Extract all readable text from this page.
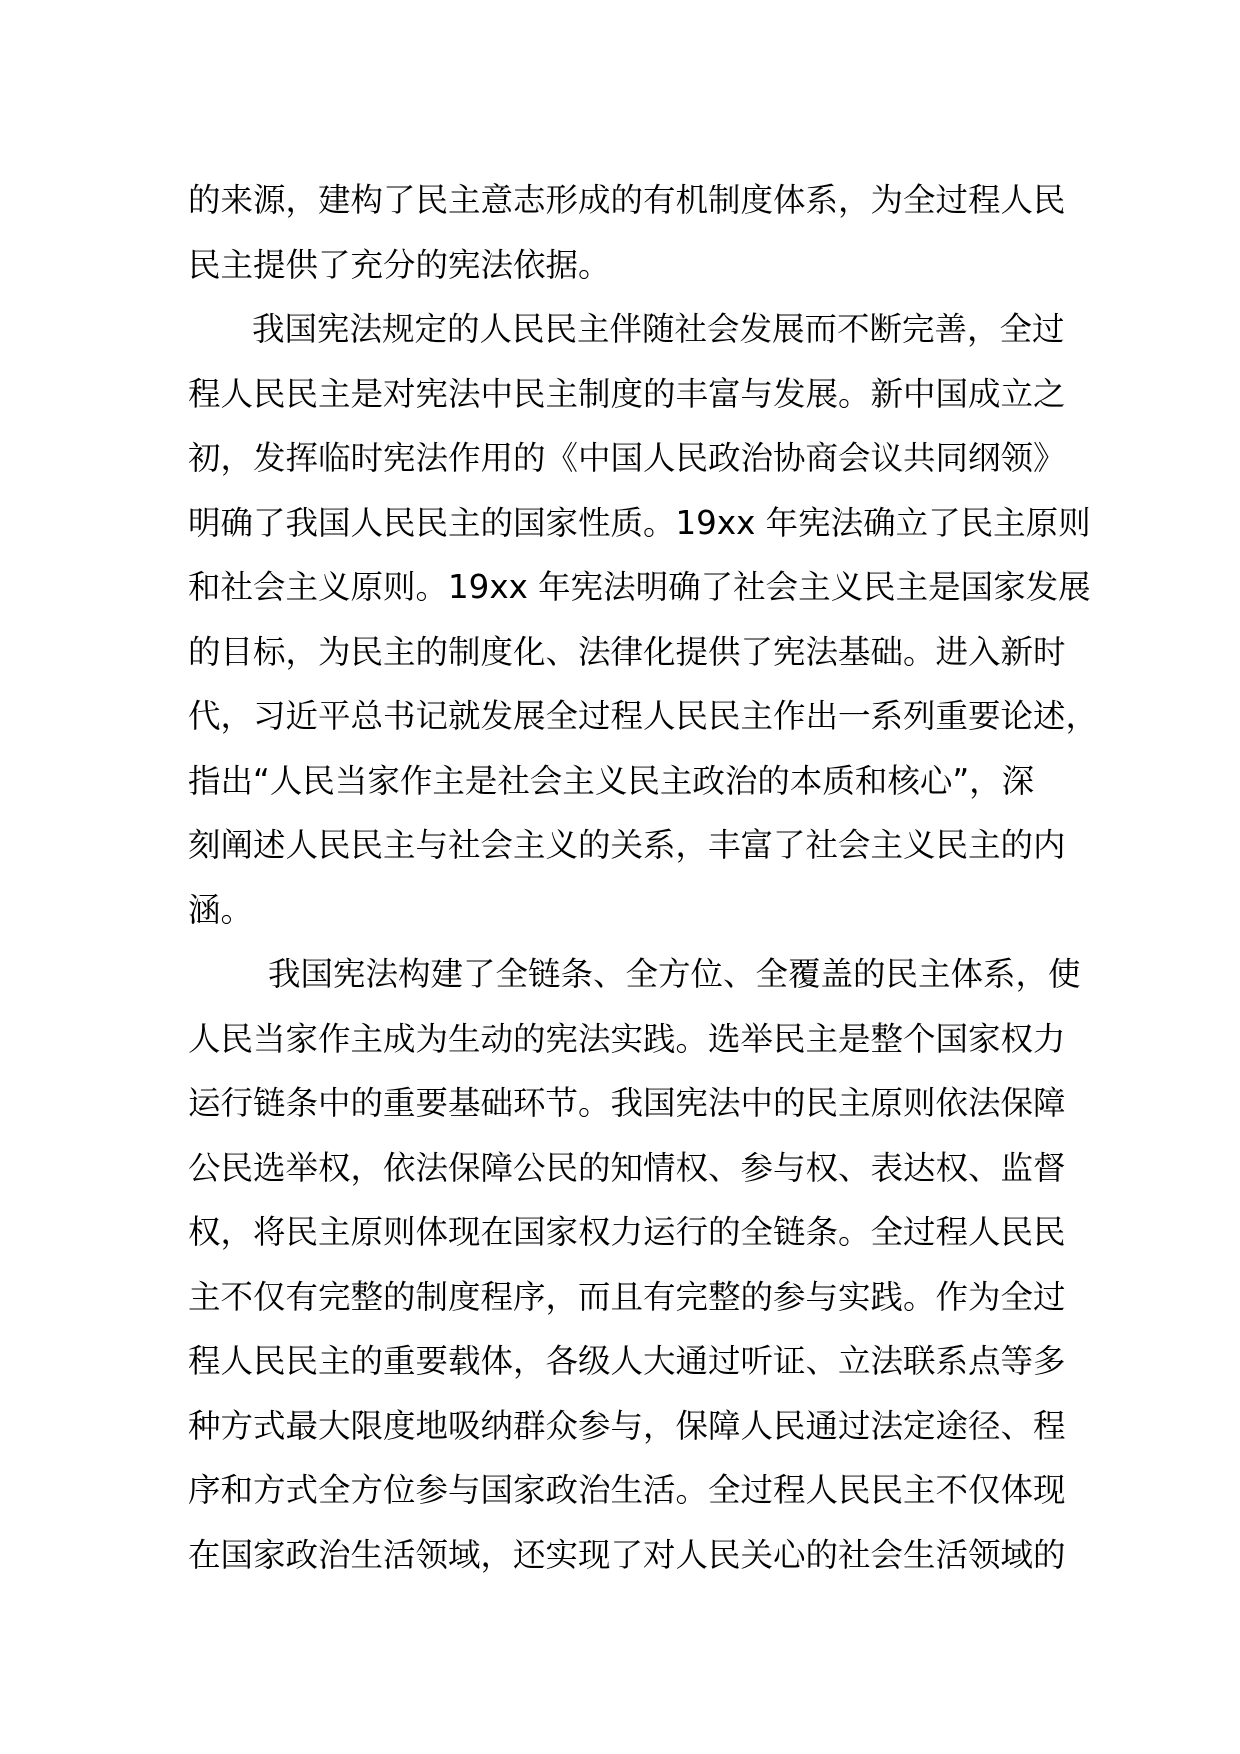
的来源，建构了民主意志形成的有机制度体系，为全过程人民
民主提供了充分的宪法依据。
我国宪法规定的人民民主伴随社会发展而不断完善，全过
程人民民主是对宪法中民主制度的丰富与发展。新中国成立之
初，发挥临时宪法作用的《中国人民政治协商会议共同纲领》
明确了我国人民民主的国家性质。19xx 年宪法确立了民主原则
和社会主义原则。19xx 年宪法明确了社会主义民主是国家发展
的目标，为民主的制度化、法律化提供了宪法基础。进入新时
代，习近平总书记就发展全过程人民民主作出一系列重要论述，
指出“人民当家作主是社会主义民主政治的本质和核心”，深
刻阐述人民民主与社会主义的关系，丰富了社会主义民主的内
涵。
我国宪法构建了全链条、全方位、全覆盖的民主体系，使
人民当家作主成为生动的宪法实践。选举民主是整个国家权力
运行链条中的重要基础环节。我国宪法中的民主原则依法保障
公民选举权，依法保障公民的知情权、参与权、表达权、监督
权，将民主原则体现在国家权力运行的全链条。全过程人民民
主不仅有完整的制度程序，而且有完整的参与实践。作为全过
程人民民主的重要载体，各级人大通过听证、立法联系点等多
种方式最大限度地吸纳群众参与，保障人民通过法定途径、程
序和方式全方位参与国家政治生活。全过程人民民主不仅体现
在国家政治生活领域，还实现了对人民关心的社会生活领域的
